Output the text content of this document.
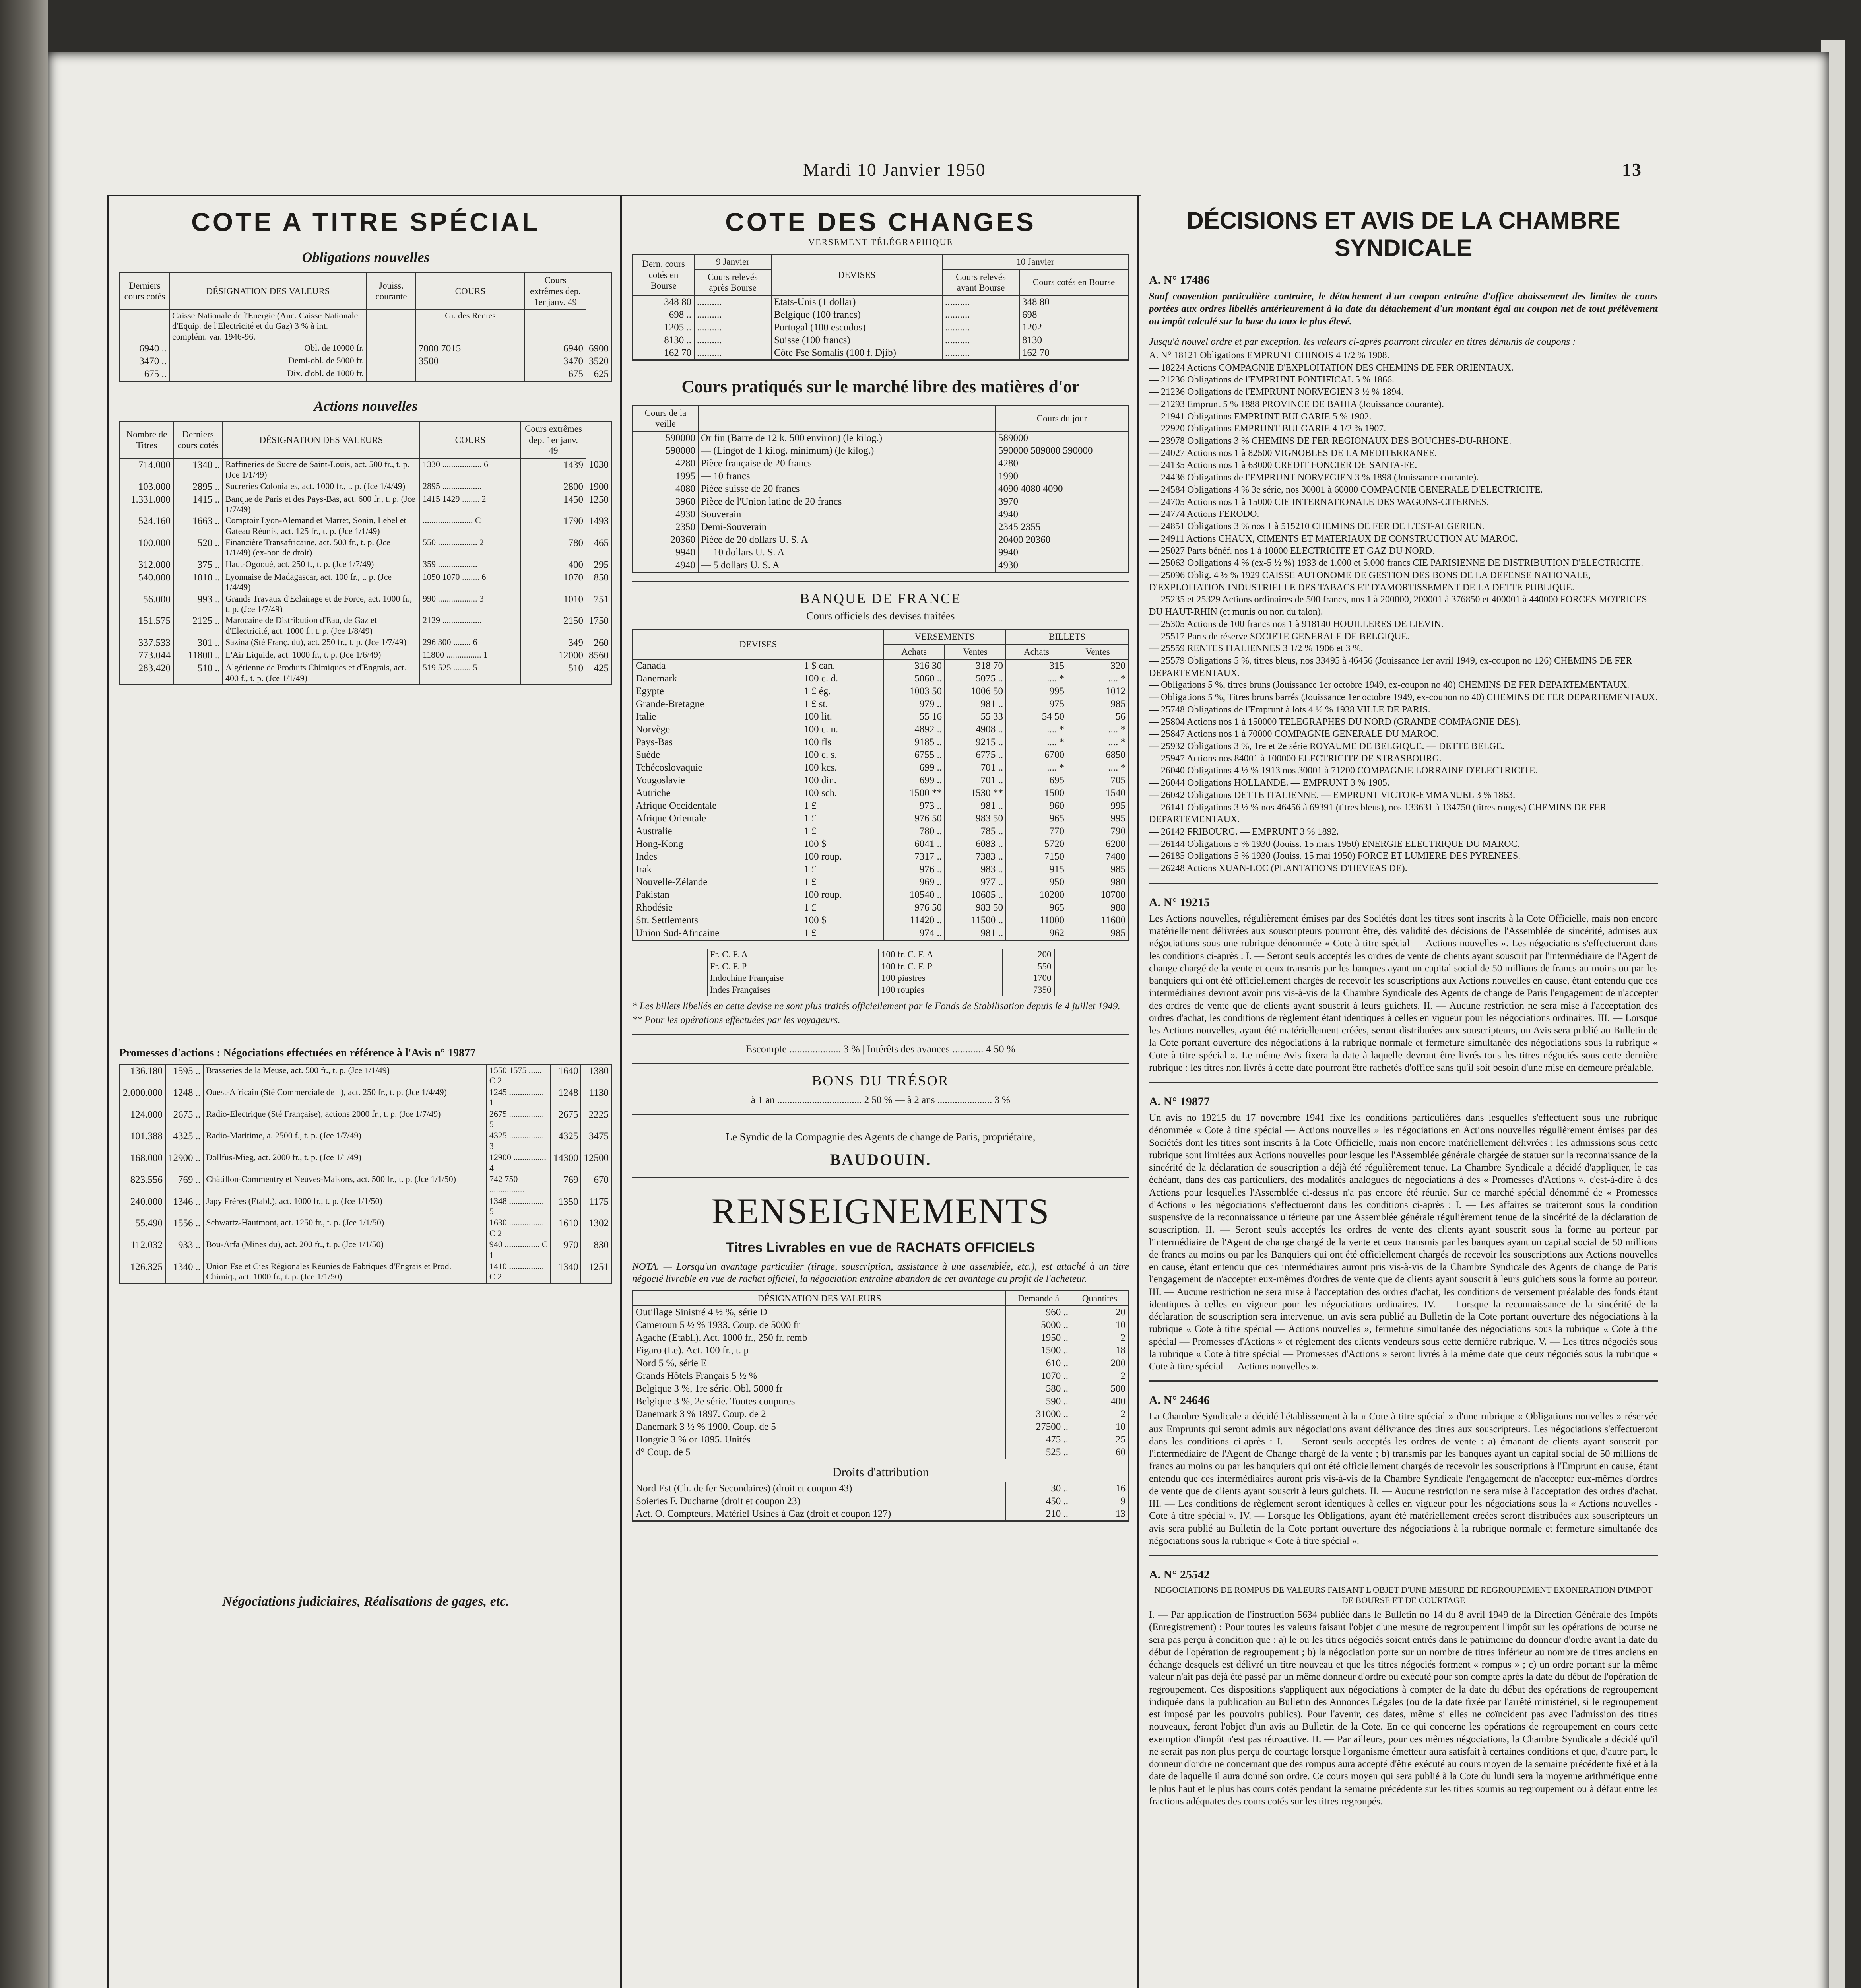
Mardi 10 Janvier 1950	13
COTE A TITRE SPÉCIAL
Obligations nouvelles
Derniers cours cotés	DÉSIGNATION DES VALEURS	Jouiss. courante	COURS	Cours extrêmes dep. 1er janv. 49	
	Caisse Nationale de l'Energie (Anc. Caisse Nationale d'Equip. de l'Electricité et du Gaz) 3 % à int. complém. var. 1946-96.		Gr. des Rentes		
6940 ..	Obl. de 10000 fr.		7000 7015	6940	6900
3470 ..	Demi-obl. de 5000 fr.		3500	3470	3520
675 ..	Dix. d'obl. de 1000 fr.			675	625
Actions nouvelles
Nombre de Titres	Derniers cours cotés	DÉSIGNATION DES VALEURS	COURS	Cours extrêmes dep. 1er janv. 49	
714.000	1340 ..	Raffineries de Sucre de Saint-Louis, act. 500 fr., t. p. (Jce 1/1/49)	1330 .................. 6	1439	1030
103.000	2895 ..	Sucreries Coloniales, act. 1000 fr., t. p. (Jce 1/4/49)	2895 ..................	2800	1900
1.331.000	1415 ..	Banque de Paris et des Pays-Bas, act. 600 fr., t. p. (Jce 1/7/49)	1415 1429 ........ 2	1450	1250
524.160	1663 ..	Comptoir Lyon-Alemand et Marret, Sonin, Lebel et Gateau Réunis, act. 125 fr., t. p. (Jce 1/1/49)	....................... C	1790	1493
100.000	520 ..	Financière Transafricaine, act. 500 fr., t. p. (Jce 1/1/49) (ex-bon de droit)	550 .................. 2	780	465
312.000	375 ..	Haut-Ogooué, act. 250 f., t. p. (Jce 1/7/49)	359 ..................	400	295
540.000	1010 ..	Lyonnaise de Madagascar, act. 100 fr., t. p. (Jce 1/4/49)	1050 1070 ........ 6	1070	850
56.000	993 ..	Grands Travaux d'Eclairage et de Force, act. 1000 fr., t. p. (Jce 1/7/49)	990 .................. 3	1010	751
151.575	2125 ..	Marocaine de Distribution d'Eau, de Gaz et d'Electricité, act. 1000 f., t. p. (Jce 1/8/49)	2129 ..................	2150	1750
337.533	301 ..	Sazina (Sté Franç. du), act. 250 fr., t. p. (Jce 1/7/49)	296 300 ........ 6	349	260
773.044	11800 ..	L'Air Liquide, act. 1000 fr., t. p. (Jce 1/6/49)	11800 ................ 1	12000	8560
283.420	510 ..	Algérienne de Produits Chimiques et d'Engrais, act. 400 f., t. p. (Jce 1/1/49)	519 525 ........ 5	510	425
Promesses d'actions : Négociations effectuées en référence à l'Avis n° 19877
136.180	1595 ..	Brasseries de la Meuse, act. 500 fr., t. p. (Jce 1/1/49)	1550 1575 ...... C 2	1640	1380
2.000.000	1248 ..	Ouest-Africain (Sté Commerciale de l'), act. 250 fr., t. p. (Jce 1/4/49)	1245 ................ 1	1248	1130
124.000	2675 ..	Radio-Electrique (Sté Française), actions 2000 fr., t. p. (Jce 1/7/49)	2675 ................ 5	2675	2225
101.388	4325 ..	Radio-Maritime, a. 2500 f., t. p. (Jce 1/7/49)	4325 ................ 3	4325	3475
168.000	12900 ..	Dollfus-Mieg, act. 2000 fr., t. p. (Jce 1/1/49)	12900 ............... 4	14300	12500
823.556	769 ..	Châtillon-Commentry et Neuves-Maisons, act. 500 fr., t. p. (Jce 1/1/50)	742 750 ................	769	670
240.000	1346 ..	Japy Frères (Etabl.), act. 1000 fr., t. p. (Jce 1/1/50)	1348 ................ 5	1350	1175
55.490	1556 ..	Schwartz-Hautmont, act. 1250 fr., t. p. (Jce 1/1/50)	1630 ................ C 2	1610	1302
112.032	933 ..	Bou-Arfa (Mines du), act. 200 fr., t. p. (Jce 1/1/50)	940 ................ C 1	970	830
126.325	1340 ..	Union Fse et Cies Régionales Réunies de Fabriques d'Engrais et Prod. Chimiq., act. 1000 fr., t. p. (Jce 1/1/50)	1410 ................ C 2	1340	1251
Négociations judiciaires, Réalisations de gages, etc.
COTE DES CHANGES
VERSEMENT TÉLÉGRAPHIQUE
Dern. cours cotés en Bourse	9 Janvier	DEVISES	10 Janvier	
	Cours relevés après Bourse		Cours relevés avant Bourse	Cours cotés en Bourse
348 80	..........	Etats-Unis (1 dollar)	..........	348 80
698 ..	..........	Belgique (100 francs)	..........	698
1205 ..	..........	Portugal (100 escudos)	..........	1202
8130 ..	..........	Suisse (100 francs)	..........	8130
162 70	..........	Côte Fse Somalis (100 f. Djib)	..........	162 70
Cours pratiqués sur le marché libre des matières d'or
Cours de la veille		Cours du jour
590000	Or fin (Barre de 12 k. 500 environ) (le kilog.)	589000
590000	— (Lingot de 1 kilog. minimum) (le kilog.)	590000 589000 590000
4280	Pièce française de 20 francs	4280
1995	— 10 francs	1990
4080	Pièce suisse de 20 francs	4090 4080 4090
3960	Pièce de l'Union latine de 20 francs	3970
4930	Souverain	4940
2350	Demi-Souverain	2345 2355
20360	Pièce de 20 dollars U. S. A	20400 20360
9940	— 10 dollars U. S. A	9940
4940	— 5 dollars U. S. A	4930
BANQUE DE FRANCE
Cours officiels des devises traitées
DEVISES		VERSEMENTS		BILLETS	
		Achats	Ventes	Achats	Ventes
Canada	1 $ can.	316 30	318 70	315	320
Danemark	100 c. d.	5060 ..	5075 ..	.... *	.... *
Egypte	1 £ ég.	1003 50	1006 50	995	1012
Grande-Bretagne	1 £ st.	979 ..	981 ..	975	985
Italie	100 lit.	55 16	55 33	54 50	56
Norvège	100 c. n.	4892 ..	4908 ..	.... *	.... *
Pays-Bas	100 fls	9185 ..	9215 ..	.... *	.... *
Suède	100 c. s.	6755 ..	6775 ..	6700	6850
Tchécoslovaquie	100 kcs.	699 ..	701 ..	.... *	.... *
Yougoslavie	100 din.	699 ..	701 ..	695	705
Autriche	100 sch.	1500 **	1530 **	1500	1540
Afrique Occidentale	1 £	973 ..	981 ..	960	995
Afrique Orientale	1 £	976 50	983 50	965	995
Australie	1 £	780 ..	785 ..	770	790
Hong-Kong	100 $	6041 ..	6083 ..	5720	6200
Indes	100 roup.	7317 ..	7383 ..	7150	7400
Irak	1 £	976 ..	983 ..	915	985
Nouvelle-Zélande	1 £	969 ..	977 ..	950	980
Pakistan	100 roup.	10540 ..	10605 ..	10200	10700
Rhodésie	1 £	976 50	983 50	965	988
Str. Settlements	100 $	11420 ..	11500 ..	11000	11600
Union Sud-Africaine	1 £	974 ..	981 ..	962	985
Fr. C. F. A	100 fr. C. F. A	200
Fr. C. F. P	100 fr. C. F. P	550
Indochine Française	100 piastres	1700
Indes Françaises	100 roupies	7350
* Les billets libellés en cette devise ne sont plus traités officiellement par le Fonds de Stabilisation depuis le 4 juillet 1949.
** Pour les opérations effectuées par les voyageurs.
Escompte .................... 3 % | Intérêts des avances ............ 4 50 %
BONS DU TRÉSOR
à 1 an .................................. 2 50 % — à 2 ans ...................... 3 %
Le Syndic de la Compagnie des Agents de change de Paris, propriétaire,
BAUDOUIN.
RENSEIGNEMENTS
Titres Livrables en vue de RACHATS OFFICIELS
NOTA. — Lorsqu'un avantage particulier (tirage, souscription, assistance à une assemblée, etc.), est attaché à un titre négocié livrable en vue de rachat officiel, la négociation entraîne abandon de cet avantage au profit de l'acheteur.
DÉSIGNATION DES VALEURS	Demande à	Quantités
Outillage Sinistré 4 ½ %, série D	960 ..	20
Cameroun 5 ½ % 1933. Coup. de 5000 fr	5000 ..	10
Agache (Etabl.). Act. 1000 fr., 250 fr. remb	1950 ..	2
Figaro (Le). Act. 100 fr., t. p	1500 ..	18
Nord 5 %, série E	610 ..	200
Grands Hôtels Français 5 ½ %	1070 ..	2
Belgique 3 %, 1re série. Obl. 5000 fr	580 ..	500
Belgique 3 %, 2e série. Toutes coupures	590 ..	400
Danemark 3 % 1897. Coup. de 2	31000 ..	2
Danemark 3 ½ % 1900. Coup. de 5	27500 ..	10
Hongrie 3 % or 1895. Unités	475 ..	25
d° Coup. de 5	525 ..	60
Droits d'attribution		
Nord Est (Ch. de fer Secondaires) (droit et coupon 43)	30 ..	16
Soieries F. Ducharne (droit et coupon 23)	450 ..	9
Act. O. Compteurs, Matériel Usines à Gaz (droit et coupon 127)	210 ..	13
DÉCISIONS ET AVIS DE LA CHAMBRE SYNDICALE
A. N° 17486
Sauf convention particulière contraire, le détachement d'un coupon entraîne d'office abaissement des limites de cours portées aux ordres libellés antérieurement à la date du détachement d'un montant égal au coupon net de tout prélèvement ou impôt calculé sur la base du taux le plus élevé.
Jusqu'à nouvel ordre et par exception, les valeurs ci-après pourront circuler en titres démunis de coupons :
A. N° 18121 Obligations EMPRUNT CHINOIS 4 1/2 % 1908.
— 18224 Actions COMPAGNIE D'EXPLOITATION DES CHEMINS DE FER ORIENTAUX.
— 21236 Obligations de l'EMPRUNT PONTIFICAL 5 % 1866.
— 21236 Obligations de l'EMPRUNT NORVEGIEN 3 ½ % 1894.
— 21293 Emprunt 5 % 1888 PROVINCE DE BAHIA (Jouissance courante).
— 21941 Obligations EMPRUNT BULGARIE 5 % 1902.
— 22920 Obligations EMPRUNT BULGARIE 4 1/2 % 1907.
— 23978 Obligations 3 % CHEMINS DE FER REGIONAUX DES BOUCHES-DU-RHONE.
— 24027 Actions nos 1 à 82500 VIGNOBLES DE LA MEDITERRANEE.
— 24135 Actions nos 1 à 63000 CREDIT FONCIER DE SANTA-FE.
— 24436 Obligations de l'EMPRUNT NORVEGIEN 3 % 1898 (Jouissance courante).
— 24584 Obligations 4 % 3e série, nos 30001 à 60000 COMPAGNIE GENERALE D'ELECTRICITE.
— 24705 Actions nos 1 à 15000 CIE INTERNATIONALE DES WAGONS-CITERNES.
— 24774 Actions FERODO.
— 24851 Obligations 3 % nos 1 à 515210 CHEMINS DE FER DE L'EST-ALGERIEN.
— 24911 Actions CHAUX, CIMENTS ET MATERIAUX DE CONSTRUCTION AU MAROC.
— 25027 Parts bénéf. nos 1 à 10000 ELECTRICITE ET GAZ DU NORD.
— 25063 Obligations 4 % (ex-5 ½ %) 1933 de 1.000 et 5.000 francs CIE PARISIENNE DE DISTRIBUTION D'ELECTRICITE.
— 25096 Oblig. 4 ½ % 1929 CAISSE AUTONOME DE GESTION DES BONS DE LA DEFENSE NATIONALE, D'EXPLOITATION INDUSTRIELLE DES TABACS ET D'AMORTISSEMENT DE LA DETTE PUBLIQUE.
— 25235 et 25329 Actions ordinaires de 500 francs, nos 1 à 200000, 200001 à 376850 et 400001 à 440000 FORCES MOTRICES DU HAUT-RHIN (et munis ou non du talon).
— 25305 Actions de 100 francs nos 1 à 918140 HOUILLERES DE LIEVIN.
— 25517 Parts de réserve SOCIETE GENERALE DE BELGIQUE.
— 25559 RENTES ITALIENNES 3 1/2 % 1906 et 3 %.
— 25579 Obligations 5 %, titres bleus, nos 33495 à 46456 (Jouissance 1er avril 1949, ex-coupon no 126) CHEMINS DE FER DEPARTEMENTAUX.
— Obligations 5 %, titres bruns (Jouissance 1er octobre 1949, ex-coupon no 40) CHEMINS DE FER DEPARTEMENTAUX.
— Obligations 5 %, Titres bruns barrés (Jouissance 1er octobre 1949, ex-coupon no 40) CHEMINS DE FER DEPARTEMENTAUX.
— 25748 Obligations de l'Emprunt à lots 4 ½ % 1938 VILLE DE PARIS.
— 25804 Actions nos 1 à 150000 TELEGRAPHES DU NORD (GRANDE COMPAGNIE DES).
— 25847 Actions nos 1 à 70000 COMPAGNIE GENERALE DU MAROC.
— 25932 Obligations 3 %, 1re et 2e série ROYAUME DE BELGIQUE. — DETTE BELGE.
— 25947 Actions nos 84001 à 100000 ELECTRICITE DE STRASBOURG.
— 26040 Obligations 4 ½ % 1913 nos 30001 à 71200 COMPAGNIE LORRAINE D'ELECTRICITE.
— 26044 Obligations HOLLANDE. — EMPRUNT 3 % 1905.
— 26042 Obligations DETTE ITALIENNE. — EMPRUNT VICTOR-EMMANUEL 3 % 1863.
— 26141 Obligations 3 ½ % nos 46456 à 69391 (titres bleus), nos 133631 à 134750 (titres rouges) CHEMINS DE FER DEPARTEMENTAUX.
— 26142 FRIBOURG. — EMPRUNT 3 % 1892.
— 26144 Obligations 5 % 1930 (Jouiss. 15 mars 1950) ENERGIE ELECTRIQUE DU MAROC.
— 26185 Obligations 5 % 1930 (Jouiss. 15 mai 1950) FORCE ET LUMIERE DES PYRENEES.
— 26248 Actions XUAN-LOC (PLANTATIONS D'HEVEAS DE).
A. N° 19215
Les Actions nouvelles, régulièrement émises par des Sociétés dont les titres sont inscrits à la Cote Officielle, mais non encore matériellement délivrées aux souscripteurs pourront être, dès validité des décisions de l'Assemblée de sincérité, admises aux négociations sous une rubrique dénommée « Cote à titre spécial — Actions nouvelles ». Les négociations s'effectueront dans les conditions ci-après : I. — Seront seuls acceptés les ordres de vente de clients ayant souscrit par l'intermédiaire de l'Agent de change chargé de la vente et ceux transmis par les banques ayant un capital social de 50 millions de francs au moins ou par les banquiers qui ont été officiellement chargés de recevoir les souscriptions aux Actions nouvelles en cause, étant entendu que ces intermédiaires devront avoir pris vis-à-vis de la Chambre Syndicale des Agents de change de Paris l'engagement de n'accepter des ordres de vente que de clients ayant souscrit à leurs guichets. II. — Aucune restriction ne sera mise à l'acceptation des ordres d'achat, les conditions de règlement étant identiques à celles en vigueur pour les négociations ordinaires. III. — Lorsque les Actions nouvelles, ayant été matériellement créées, seront distribuées aux souscripteurs, un Avis sera publié au Bulletin de la Cote portant ouverture des négociations à la rubrique normale et fermeture simultanée des négociations sous la rubrique « Cote à titre spécial ». Le même Avis fixera la date à laquelle devront être livrés tous les titres négociés sous cette dernière rubrique : les titres non livrés à cette date pourront être rachetés d'office sans qu'il soit besoin d'une mise en demeure préalable.
A. N° 19877
Un avis no 19215 du 17 novembre 1941 fixe les conditions particulières dans lesquelles s'effectuent sous une rubrique dénommée « Cote à titre spécial — Actions nouvelles » les négociations en Actions nouvelles régulièrement émises par des Sociétés dont les titres sont inscrits à la Cote Officielle, mais non encore matériellement délivrées ; les admissions sous cette rubrique sont limitées aux Actions nouvelles pour lesquelles l'Assemblée générale chargée de statuer sur la reconnaissance de la sincérité de la déclaration de souscription a déjà été régulièrement tenue. La Chambre Syndicale a décidé d'appliquer, le cas échéant, dans des cas particuliers, des modalités analogues de négociations à des « Promesses d'Actions », c'est-à-dire à des Actions pour lesquelles l'Assemblée ci-dessus n'a pas encore été réunie. Sur ce marché spécial dénommé de « Promesses d'Actions » les négociations s'effectueront dans les conditions ci-après : I. — Les affaires se traiteront sous la condition suspensive de la reconnaissance ultérieure par une Assemblée générale régulièrement tenue de la sincérité de la déclaration de souscription. II. — Seront seuls acceptés les ordres de vente des clients ayant souscrit sous la forme au porteur par l'intermédiaire de l'Agent de change chargé de la vente et ceux transmis par les banques ayant un capital social de 50 millions de francs au moins ou par les Banquiers qui ont été officiellement chargés de recevoir les souscriptions aux Actions nouvelles en cause, étant entendu que ces intermédiaires auront pris vis-à-vis de la Chambre Syndicale des Agents de change de Paris l'engagement de n'accepter eux-mêmes d'ordres de vente que de clients ayant souscrit à leurs guichets sous la forme au porteur. III. — Aucune restriction ne sera mise à l'acceptation des ordres d'achat, les conditions de versement préalable des fonds étant identiques à celles en vigueur pour les négociations ordinaires. IV. — Lorsque la reconnaissance de la sincérité de la déclaration de souscription sera intervenue, un avis sera publié au Bulletin de la Cote portant ouverture des négociations à la rubrique « Cote à titre spécial — Actions nouvelles », fermeture simultanée des négociations sous la rubrique « Cote à titre spécial — Promesses d'Actions » et règlement des clients vendeurs sous cette dernière rubrique. V. — Les titres négociés sous la rubrique « Cote à titre spécial — Promesses d'Actions » seront livrés à la même date que ceux négociés sous la rubrique « Cote à titre spécial — Actions nouvelles ».
A. N° 24646
La Chambre Syndicale a décidé l'établissement à la « Cote à titre spécial » d'une rubrique « Obligations nouvelles » réservée aux Emprunts qui seront admis aux négociations avant délivrance des titres aux souscripteurs. Les négociations s'effectueront dans les conditions ci-après : I. — Seront seuls acceptés les ordres de vente : a) émanant de clients ayant souscrit par l'intermédiaire de l'Agent de Change chargé de la vente ; b) transmis par les banques ayant un capital social de 50 millions de francs au moins ou par les banquiers qui ont été officiellement chargés de recevoir les souscriptions à l'Emprunt en cause, étant entendu que ces intermédiaires auront pris vis-à-vis de la Chambre Syndicale l'engagement de n'accepter eux-mêmes d'ordres de vente que de clients ayant souscrit à leurs guichets. II. — Aucune restriction ne sera mise à l'acceptation des ordres d'achat. III. — Les conditions de règlement seront identiques à celles en vigueur pour les négociations sous la « Actions nouvelles - Cote à titre spécial ». IV. — Lorsque les Obligations, ayant été matériellement créées seront distribuées aux souscripteurs un avis sera publié au Bulletin de la Cote portant ouverture des négociations à la rubrique normale et fermeture simultanée des négociations sous la rubrique « Cote à titre spécial ».
A. N° 25542
NEGOCIATIONS DE ROMPUS DE VALEURS FAISANT L'OBJET D'UNE MESURE DE REGROUPEMENT EXONERATION D'IMPOT DE BOURSE ET DE COURTAGE
I. — Par application de l'instruction 5634 publiée dans le Bulletin no 14 du 8 avril 1949 de la Direction Générale des Impôts (Enregistrement) : Pour toutes les valeurs faisant l'objet d'une mesure de regroupement l'impôt sur les opérations de bourse ne sera pas perçu à condition que : a) le ou les titres négociés soient entrés dans le patrimoine du donneur d'ordre avant la date du début de l'opération de regroupement ; b) la négociation porte sur un nombre de titres inférieur au nombre de titres anciens en échange desquels est délivré un titre nouveau et que les titres négociés forment « rompus » ; c) un ordre portant sur la même valeur n'ait pas déjà été passé par un même donneur d'ordre ou exécuté pour son compte après la date du début de l'opération de regroupement. Ces dispositions s'appliquent aux négociations à compter de la date du début des opérations de regroupement indiquée dans la publication au Bulletin des Annonces Légales (ou de la date fixée par l'arrêté ministériel, si le regroupement est imposé par les pouvoirs publics). Pour l'avenir, ces dates, même si elles ne coïncident pas avec l'admission des titres nouveaux, feront l'objet d'un avis au Bulletin de la Cote. En ce qui concerne les opérations de regroupement en cours cette exemption d'impôt n'est pas rétroactive. II. — Par ailleurs, pour ces mêmes négociations, la Chambre Syndicale a décidé qu'il ne serait pas non plus perçu de courtage lorsque l'organisme émetteur aura satisfait à certaines conditions et que, d'autre part, le donneur d'ordre ne concernant que des rompus aura accepté d'être exécuté au cours moyen de la semaine précédente fixé et à la date de laquelle il aura donné son ordre. Ce cours moyen qui sera publié à la Cote du lundi sera la moyenne arithmétique entre le plus haut et le plus bas cours cotés pendant la semaine précédente sur les titres soumis au regroupement ou à défaut entre les fractions adéquates des cours cotés sur les titres regroupés.
